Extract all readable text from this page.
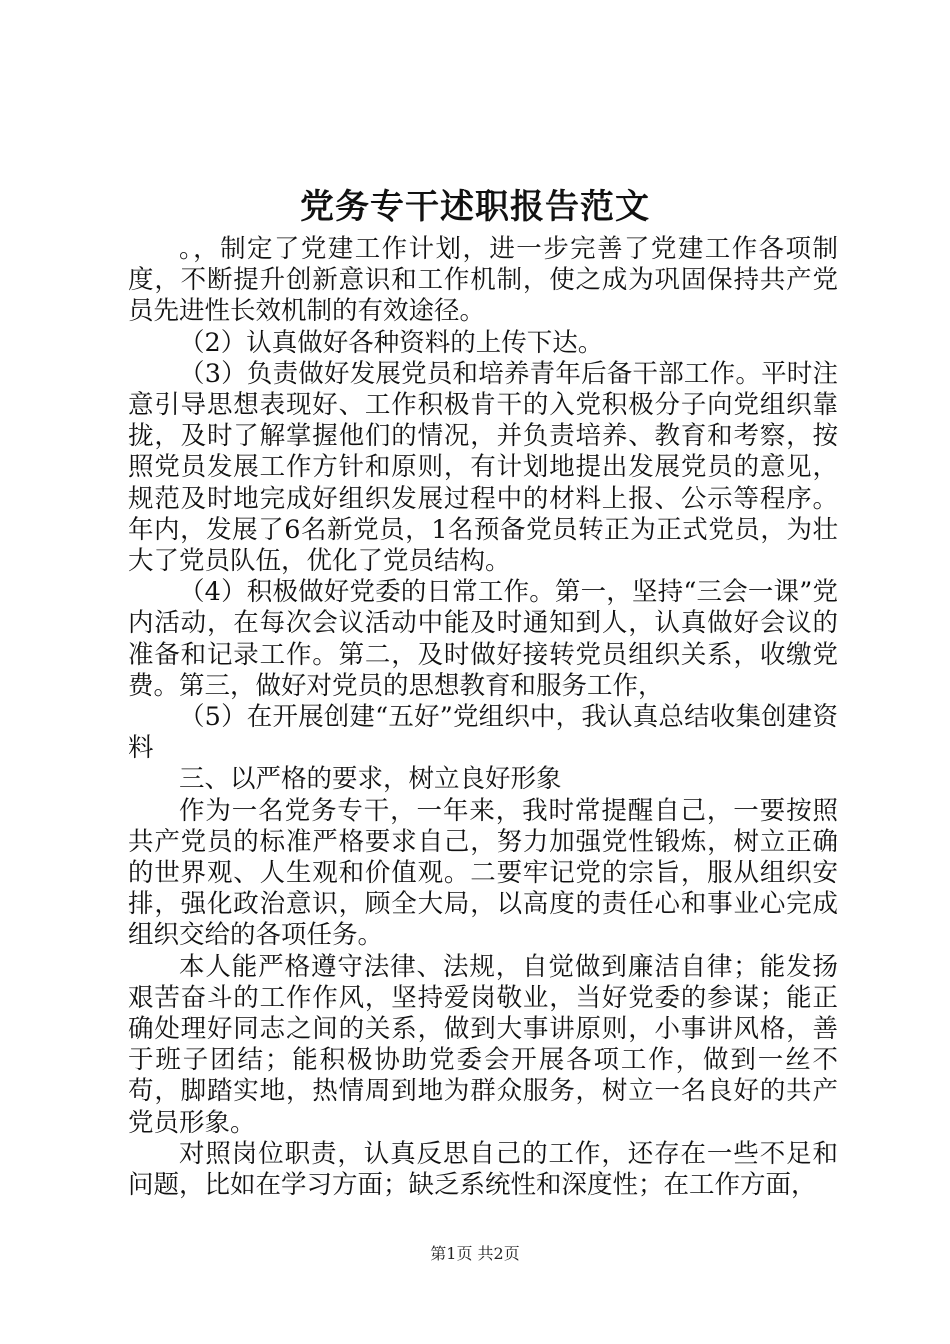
党务专干述职报告范文

。，制定了党建工作计划，进一步完善了党建工作各项制度，不断提升创新意识和工作机制，使之成为巩固保持共产党员先进性长效机制的有效途径。

（2）认真做好各种资料的上传下达。

（3）负责做好发展党员和培养青年后备干部工作。平时注意引导思想表现好、工作积极肯干的入党积极分子向党组织靠拢，及时了解掌握他们的情况，并负责培养、教育和考察，按照党员发展工作方针和原则，有计划地提出发展党员的意见，规范及时地完成好组织发展过程中的材料上报、公示等程序。年内，发展了6名新党员，1名预备党员转正为正式党员，为壮大了党员队伍，优化了党员结构。

（4）积极做好党委的日常工作。第一，坚持“三会一课”党内活动，在每次会议活动中能及时通知到人，认真做好会议的准备和记录工作。第二，及时做好接转党员组织关系，收缴党费。第三，做好对党员的思想教育和服务工作，

（5）在开展创建“五好”党组织中，我认真总结收集创建资料

三、以严格的要求，树立良好形象

作为一名党务专干，一年来，我时常提醒自己，一要按照共产党员的标准严格要求自己，努力加强党性锻炼，树立正确的世界观、人生观和价值观。二要牢记党的宗旨，服从组织安排，强化政治意识，顾全大局，以高度的责任心和事业心完成组织交给的各项任务。

本人能严格遵守法律、法规，自觉做到廉洁自律；能发扬艰苦奋斗的工作作风，坚持爱岗敬业，当好党委的参谋；能正确处理好同志之间的关系，做到大事讲原则，小事讲风格，善于班子团结；能积极协助党委会开展各项工作，做到一丝不苟，脚踏实地，热情周到地为群众服务，树立一名良好的共产党员形象。

对照岗位职责，认真反思自己的工作，还存在一些不足和问题，比如在学习方面；缺乏系统性和深度性；在工作方面，

第1页 共2页
